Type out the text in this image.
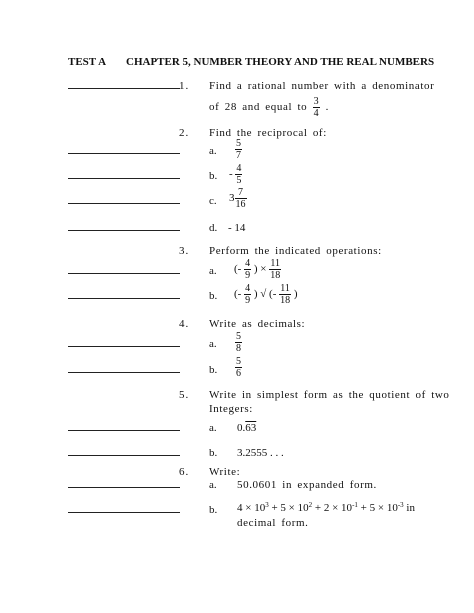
TEST A CHAPTER 5, NUMBER THEORY AND THE REAL NUMBERS
1. Find a rational number with a denominator
of 28 and equal to $\frac{3}{4}$ .
2. Find the reciprocal of:
a. $\frac{5}{7}$
b. - $\frac{4}{5}$
c. $3 \frac{7}{16}$
d. - 14
3. Perform the indicated operations:
a. (- $\frac{4}{9}$ ) × $\frac{11}{18}$
b. (- $\frac{4}{9}$ ) √ (- $\frac{11}{18}$ )
4. Write as decimals:
a. $\frac{5}{8}$
b. $\frac{5}{6}$
5. Write in simplest form as the quotient of two
Integers:
a. 0.63
b. 3.2555 . . .
6. Write:
a. 50.0601 in expanded form.
b. $4 \times 10^3 + 5 \times 10^2 + 2 \times 10^{-1} + 5 \times 10^{-3}$ in
decimal form.
